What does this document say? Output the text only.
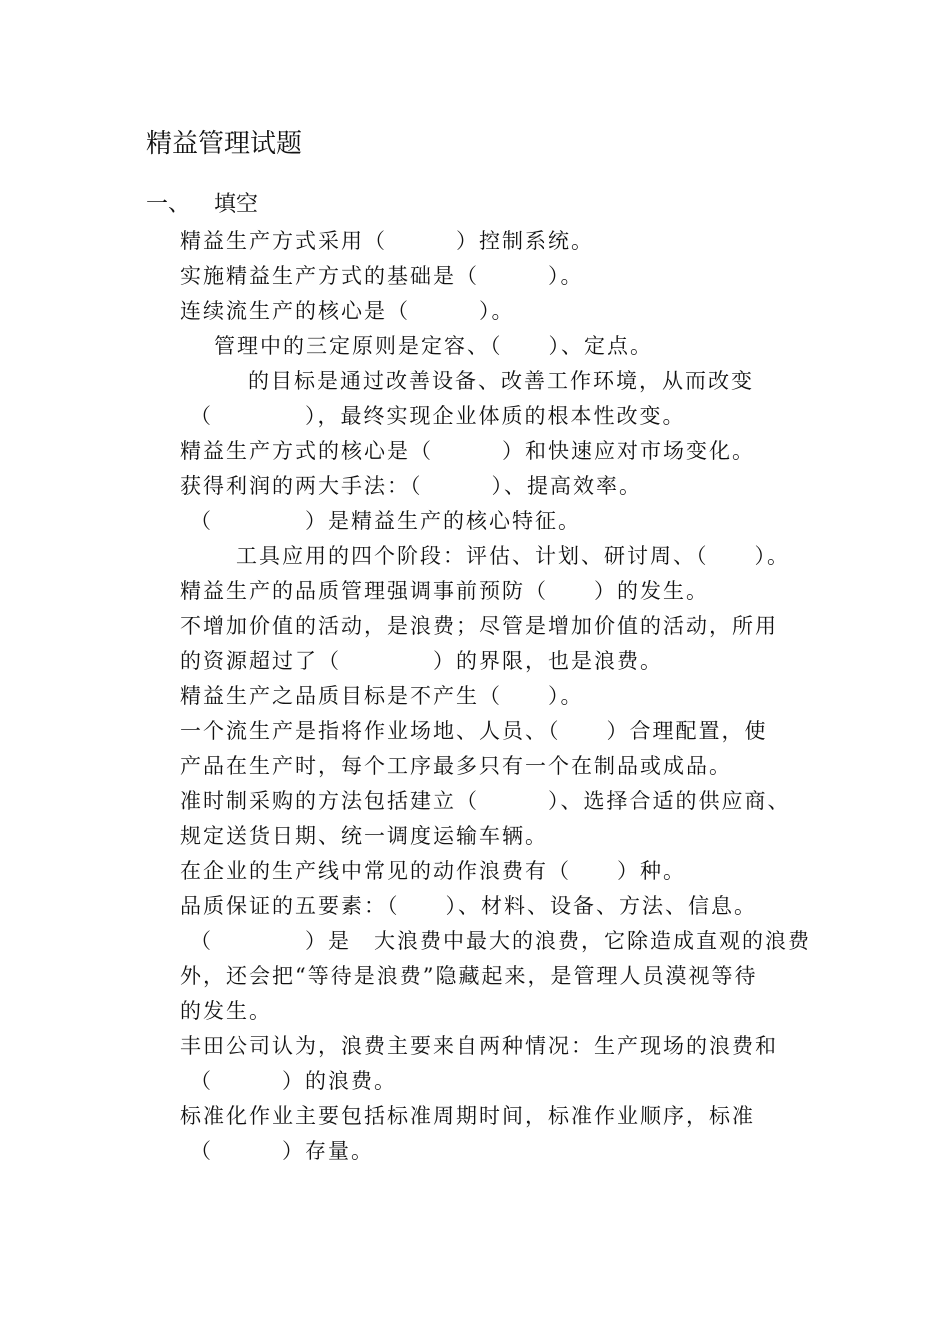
精益管理试题
一、 填空
精益生产方式采用（　　　）控制系统。
实施精益生产方式的基础是（　　　）。
连续流生产的核心是（　　　）。
管理中的三定原则是定容、（　　）、定点。
的目标是通过改善设备、改善工作环境，从而改变
（　　　　），最终实现企业体质的根本性改变。
精益生产方式的核心是（　　　）和快速应对市场变化。
获得利润的两大手法：（　　　）、提高效率。
（　　　　）是精益生产的核心特征。
工具应用的四个阶段：评估、计划、研讨周、（　　）。
精益生产的品质管理强调事前预防（　　）的发生。
不增加价值的活动，是浪费；尽管是增加价值的活动，所用
的资源超过了（　　　　）的界限，也是浪费。
精益生产之品质目标是不产生（　　）。
一个流生产是指将作业场地、人员、（　　）合理配置，使
产品在生产时，每个工序最多只有一个在制品或成品。
准时制采购的方法包括建立（　　　）、选择合适的供应商、
规定送货日期、统一调度运输车辆。
在企业的生产线中常见的动作浪费有（　　）种。
品质保证的五要素：（　　）、材料、设备、方法、信息。
（　　　　）是　大浪费中最大的浪费，它除造成直观的浪费
外，还会把“等待是浪费”隐藏起来，是管理人员漠视等待
的发生。
丰田公司认为，浪费主要来自两种情况：生产现场的浪费和
（　　　）的浪费。
标准化作业主要包括标准周期时间，标准作业顺序，标准
（　　　）存量。
